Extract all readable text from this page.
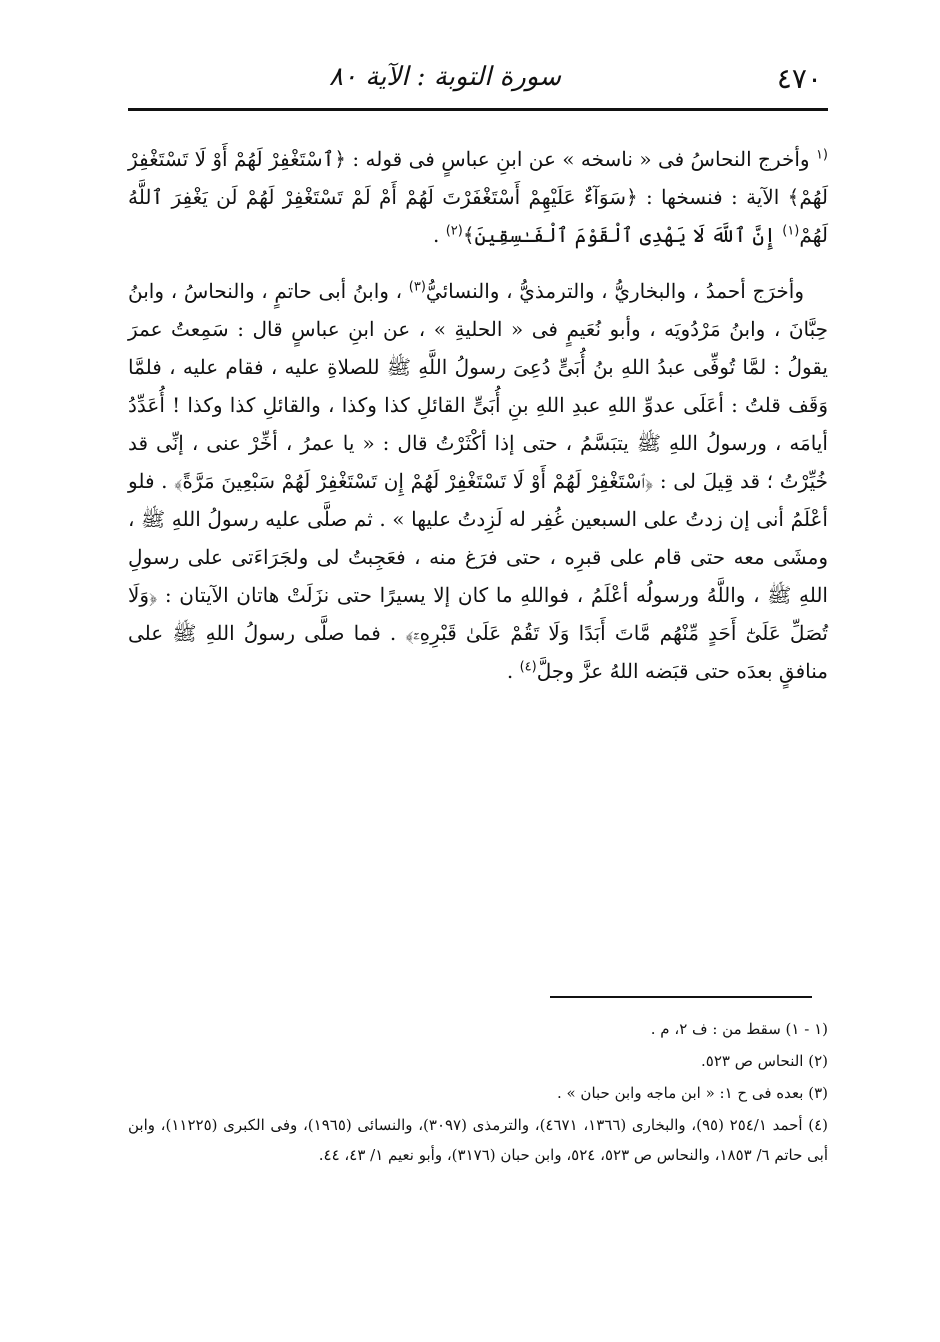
٤٧٠
سورة التوبة : الآية ٨٠

$^{(١}$ وأخرج النحاسُ فى « ناسخه » عن ابنِ عباسٍ فى قوله : ﴿ٱسْتَغْفِرْ لَهُمْ أَوْ لَا تَسْتَغْفِرْ لَهُمْ﴾ الآية : فنسخها : ﴿سَوَآءٌ عَلَيْهِمْ أَسْتَغْفَرْتَ لَهُمْ أَمْ لَمْ تَسْتَغْفِرْ لَهُمْ لَن يَغْفِرَ ٱللَّهُ لَهُمْ$^{(١)}$ إِنَّ ٱللَّهَ لَا يَهْدِى ٱلْقَوْمَ ٱلْفَـٰسِقِينَ﴾$^{(٢)}$ .

وأخرَج أحمدُ ، والبخاريُّ ، والترمذيُّ ، والنسائيُّ$^{(٣)}$ ، وابنُ أبى حاتمٍ ، والنحاسُ ، وابنُ حِبَّانَ ، وابنُ مَرْدُويَه ، وأبو نُعَيمٍ فى « الحليةِ » ، عن ابنِ عباسٍ قال : سَمِعتُ عمرَ يقولُ : لمَّا تُوفِّى عبدُ اللهِ بنُ أُبَىٍّ دُعِىَ رسولُ اللَّهِ ﷺ للصلاةِ عليه ، فقام عليه ، فلمَّا وَقَف قلتُ : أعَلَى عدوِّ اللهِ عبدِ اللهِ بنِ أُبَىٍّ القائلِ كذا وكذا ، والقائلِ كذا وكذا ! أُعَدِّدُ أيامَه ، ورسولُ اللهِ ﷺ يتبَسَّمُ ، حتى إذا أكْثَرْتُ قال : « يا عمرُ ، أخِّرْ عنى ، إنِّى قد خُيِّرْتُ ؛ قد قِيلَ لى : ﴿ٱسْتَغْفِرْ لَهُمْ أَوْ لَا تَسْتَغْفِرْ لَهُمْ إِن تَسْتَغْفِرْ لَهُمْ سَبْعِينَ مَرَّةً﴾ . فلو أعْلَمُ أنى إن زدتُ على السبعين غُفِر له لَزِدتُ عليها » . ثم صلَّى عليه رسولُ اللهِ ﷺ ، ومشَى معه حتى قام على قبرِه ، حتى فرَغ منه ، فعَجِبتُ لى ولجَرَاءَتى على رسولِ اللهِ ﷺ ، واللَّهُ ورسولُه أعْلَمُ ، فواللهِ ما كان إلا يسيرًا حتى نزَلَتْ هاتان الآيتان : ﴿وَلَا تُصَلِّ عَلَىٰٓ أَحَدٍ مِّنْهُم مَّاتَ أَبَدًا وَلَا تَقُمْ عَلَىٰ قَبْرِهِۦٓ﴾ . فما صلَّى رسولُ اللهِ ﷺ على منافقٍ بعدَه حتى قبَضه اللهُ عزَّ وجلَّ$^{(٤)}$ .

(١ - ١) سقط من : ف ٢، م .

(٢) النحاس ص ٥٢٣.

(٣) بعده فى ح ١: « ابن ماجه وابن حبان » .

(٤) أحمد ٢٥٤/١ (٩٥)، والبخارى (١٣٦٦، ٤٦٧١)، والترمذى (٣٠٩٧)، والنسائى (١٩٦٥)، وفى الكبرى (١١٢٢٥)، وابن أبى حاتم ٦/ ١٨٥٣، والنحاس ص ٥٢٣، ٥٢٤، وابن حبان (٣١٧٦)، وأبو نعيم ١/ ٤٣، ٤٤.
